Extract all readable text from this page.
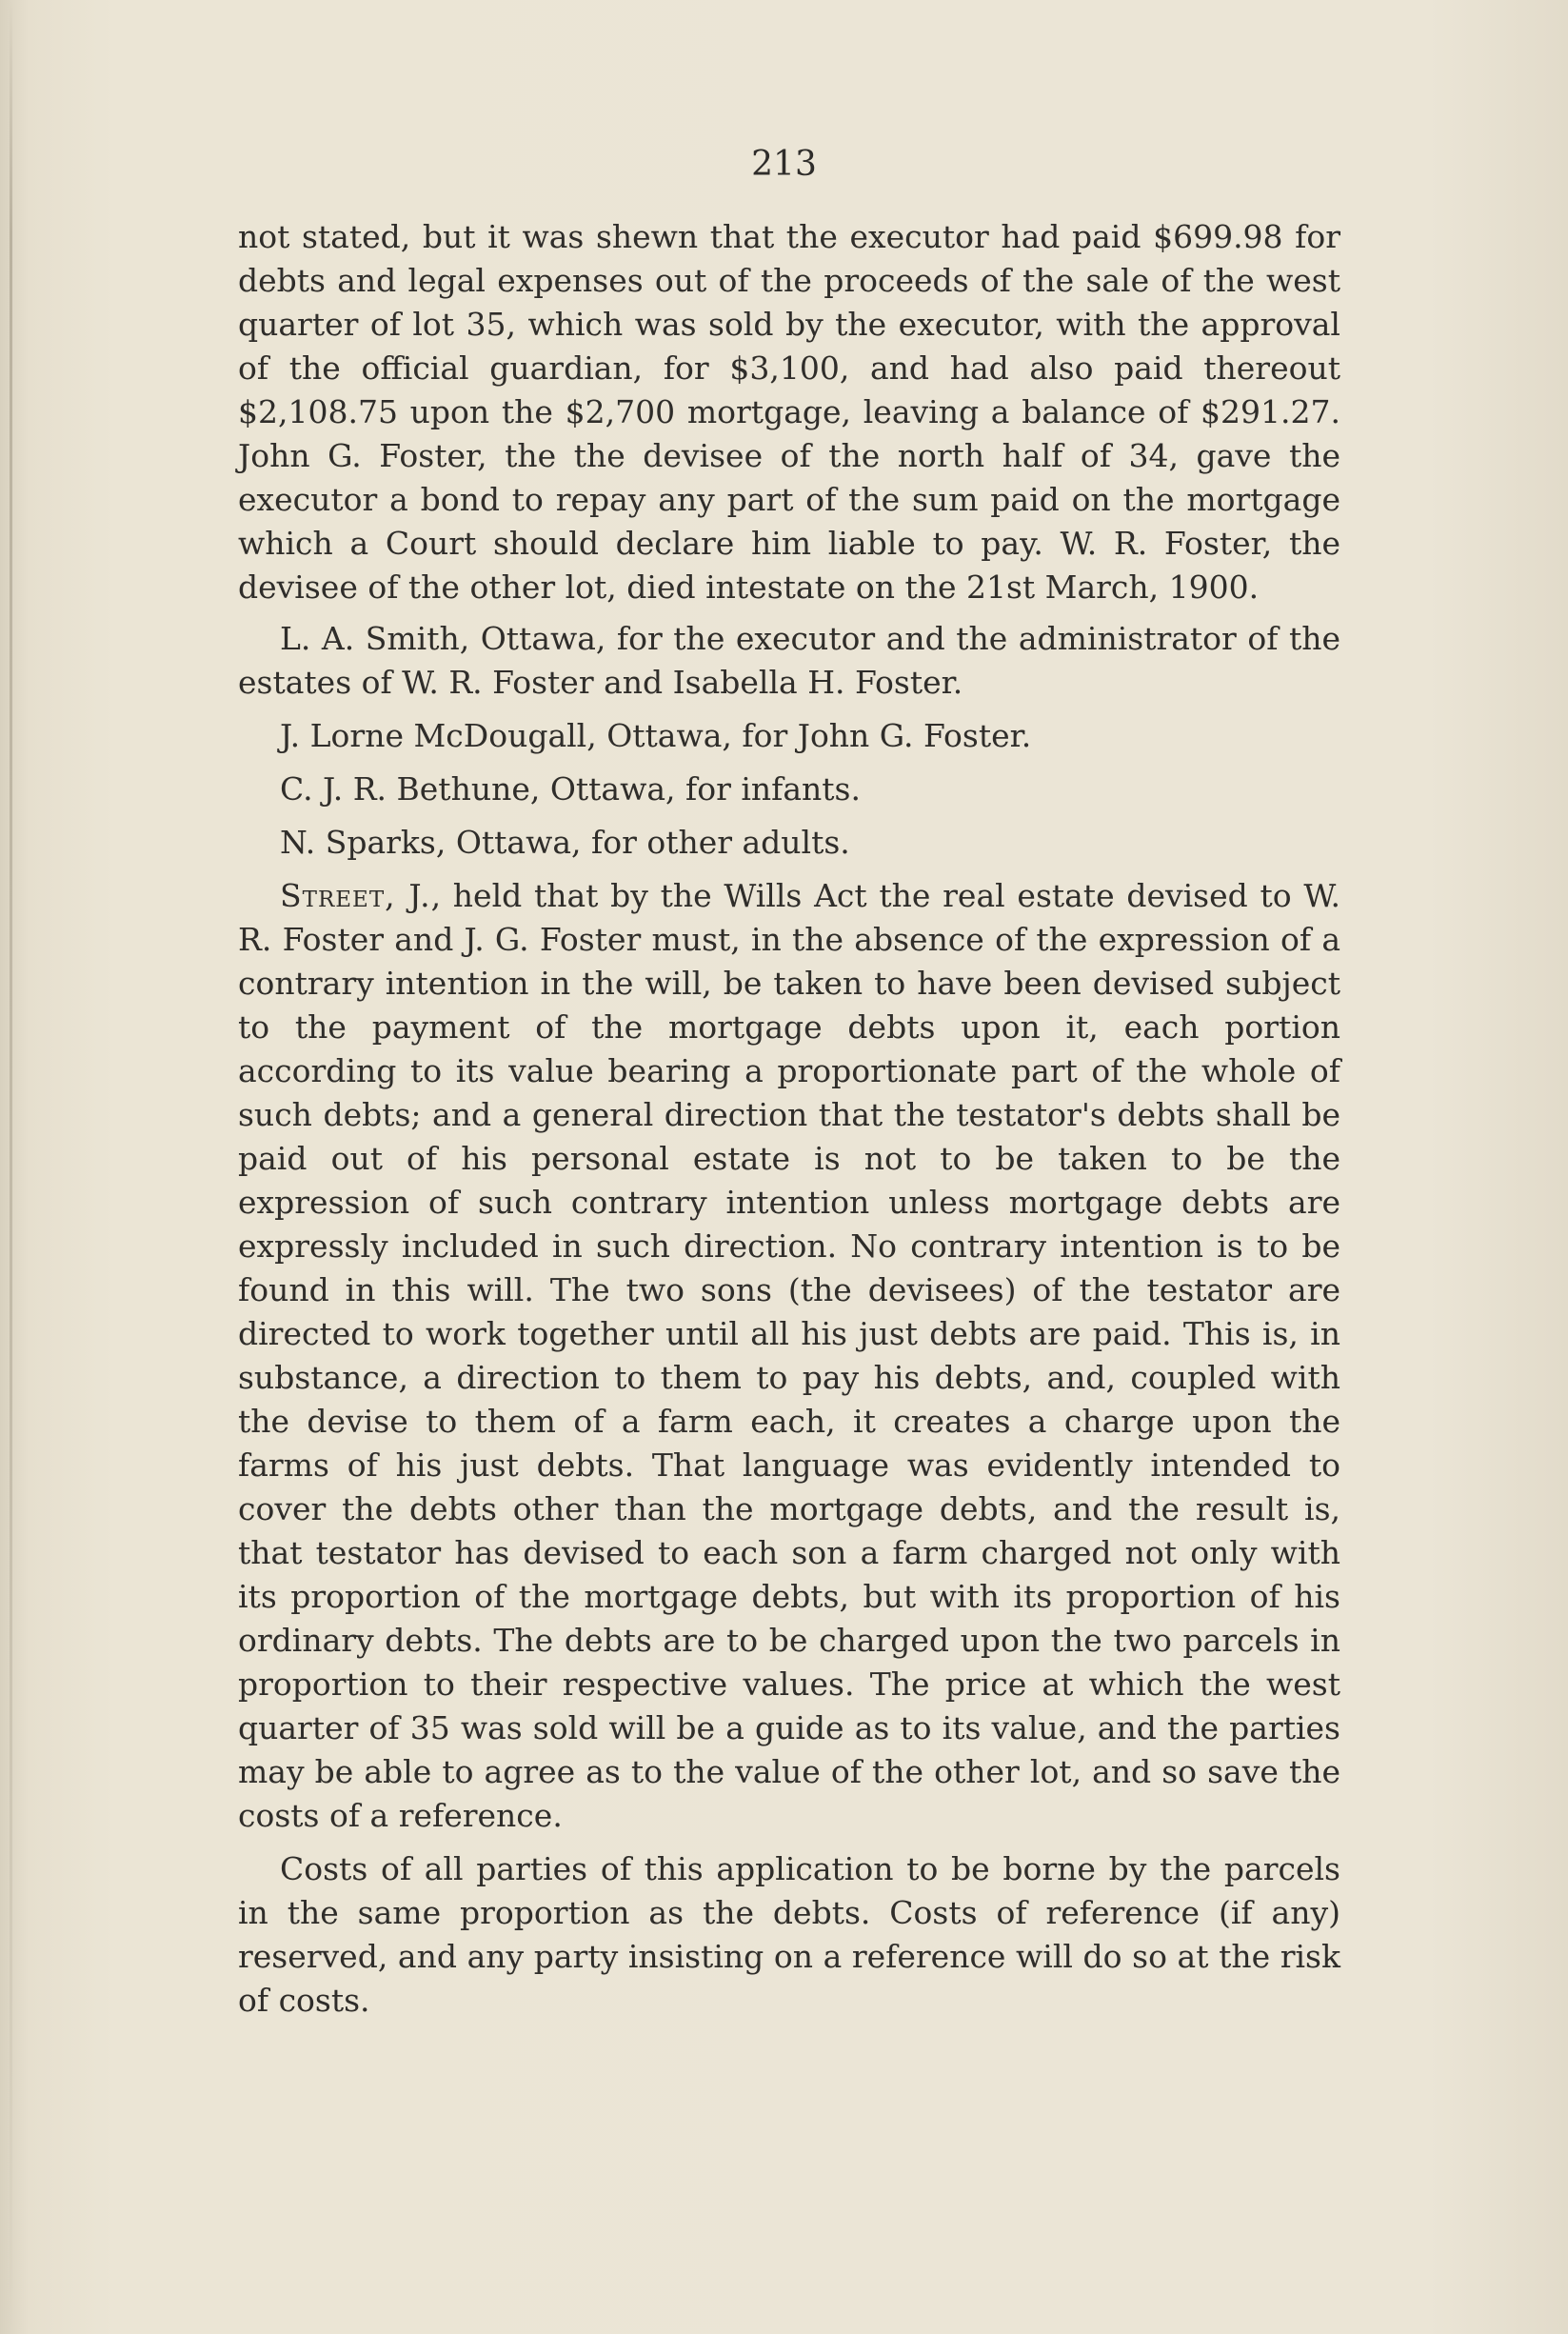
213

not stated, but it was shewn that the executor had paid $699.98 for debts and legal expenses out of the proceeds of the sale of the west quarter of lot 35, which was sold by the executor, with the approval of the official guardian, for $3,100, and had also paid thereout $2,108.75 upon the $2,700 mortgage, leaving a balance of $291.27. John G. Foster, the the devisee of the north half of 34, gave the executor a bond to repay any part of the sum paid on the mortgage which a Court should declare him liable to pay. W. R. Foster, the devisee of the other lot, died intestate on the 21st March, 1900.

L. A. Smith, Ottawa, for the executor and the administrator of the estates of W. R. Foster and Isabella H. Foster.

J. Lorne McDougall, Ottawa, for John G. Foster.

C. J. R. Bethune, Ottawa, for infants.

N. Sparks, Ottawa, for other adults.

Street, J., held that by the Wills Act the real estate devised to W. R. Foster and J. G. Foster must, in the absence of the expression of a contrary intention in the will, be taken to have been devised subject to the payment of the mortgage debts upon it, each portion according to its value bearing a proportionate part of the whole of such debts; and a general direction that the testator's debts shall be paid out of his personal estate is not to be taken to be the expression of such contrary intention unless mortgage debts are expressly included in such direction. No contrary intention is to be found in this will. The two sons (the devisees) of the testator are directed to work together until all his just debts are paid. This is, in substance, a direction to them to pay his debts, and, coupled with the devise to them of a farm each, it creates a charge upon the farms of his just debts. That language was evidently intended to cover the debts other than the mortgage debts, and the result is, that testator has devised to each son a farm charged not only with its proportion of the mortgage debts, but with its proportion of his ordinary debts. The debts are to be charged upon the two parcels in proportion to their respective values. The price at which the west quarter of 35 was sold will be a guide as to its value, and the parties may be able to agree as to the value of the other lot, and so save the costs of a reference.

Costs of all parties of this application to be borne by the parcels in the same proportion as the debts. Costs of reference (if any) reserved, and any party insisting on a reference will do so at the risk of costs.
